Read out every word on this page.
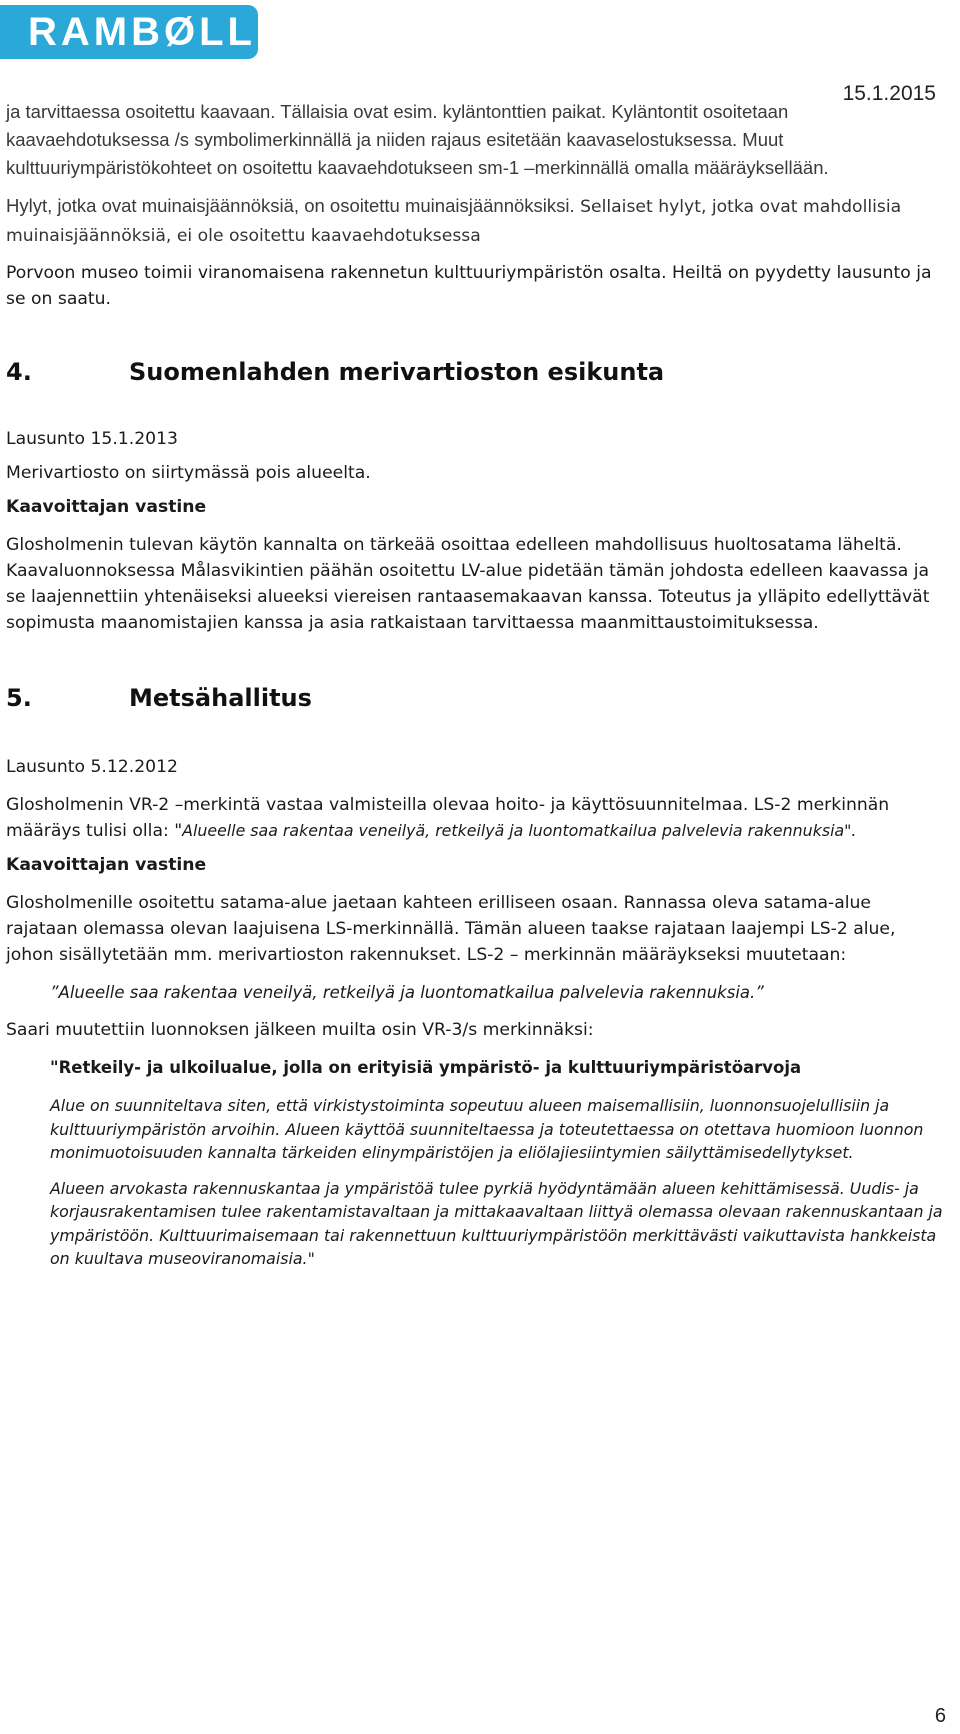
RAMBØLL
15.1.2015

ja tarvittaessa osoitettu kaavaan. Tällaisia ovat esim. kyläntonttien paikat. Kyläntontit osoitetaan kaavaehdotuksessa /s symbolimerkinnällä ja niiden rajaus esitetään kaavaselostuksessa. Muut kulttuuriympäristökohteet on osoitettu kaavaehdotukseen sm-1 –merkinnällä omalla määräyksellään.

Hylyt, jotka ovat muinaisjäännöksiä, on osoitettu muinaisjäännöksiksi. Sellaiset hylyt, jotka ovat mahdollisia muinaisjäännöksiä, ei ole osoitettu kaavaehdotuksessa

Porvoon museo toimii viranomaisena rakennetun kulttuuriympäristön osalta. Heiltä on pyydetty lausunto ja se on saatu.

4.	Suomenlahden merivartioston esikunta

Lausunto 15.1.2013

Merivartiosto on siirtymässä pois alueelta.

Kaavoittajan vastine

Glosholmenin tulevan käytön kannalta on tärkeää osoittaa edelleen mahdollisuus huoltosatama läheltä. Kaavaluonnoksessa Målasvikintien päähän osoitettu LV-alue pidetään tämän johdosta edelleen kaavassa ja se laajennettiin yhtenäiseksi alueeksi viereisen rantaasemakaavan kanssa. Toteutus ja ylläpito edellyttävät sopimusta maanomistajien kanssa ja asia ratkaistaan tarvittaessa maanmittaustoimituksessa.

5.	Metsähallitus

Lausunto 5.12.2012

Glosholmenin VR-2 –merkintä vastaa valmisteilla olevaa hoito- ja käyttösuunnitelmaa. LS-2 merkinnän määräys tulisi olla: "Alueelle saa rakentaa veneilyä, retkeilyä ja luontomatkailua palvelevia rakennuksia".

Kaavoittajan vastine

Glosholmenille osoitettu satama-alue jaetaan kahteen erilliseen osaan. Rannassa oleva satama-alue rajataan olemassa olevan laajuisena LS-merkinnällä. Tämän alueen taakse rajataan laajempi LS-2 alue, johon sisällytetään mm. merivartioston rakennukset. LS-2 – merkinnän määräykseksi muutetaan:

”Alueelle saa rakentaa veneilyä, retkeilyä ja luontomatkailua palvelevia rakennuksia.”

Saari muutettiin luonnoksen jälkeen muilta osin VR-3/s merkinnäksi:

"Retkeily- ja ulkoilualue, jolla on erityisiä ympäristö- ja kulttuuriympäristöarvoja

Alue on suunniteltava siten, että virkistystoiminta sopeutuu alueen maisemallisiin, luonnonsuojelullisiin ja kulttuuriympäristön arvoihin. Alueen käyttöä suunniteltaessa ja toteutettaessa on otettava huomioon luonnon monimuotoisuuden kannalta tärkeiden elinympäristöjen ja eliölajiesiintymien säilyttämisedellytykset.

Alueen arvokasta rakennuskantaa ja ympäristöä tulee pyrkiä hyödyntämään alueen kehittämisessä. Uudis- ja korjausrakentamisen tulee rakentamistavaltaan ja mittakaavaltaan liittyä olemassa olevaan rakennuskantaan ja ympäristöön. Kulttuurimaisemaan tai rakennettuun kulttuuriympäristöön merkittävästi vaikuttavista hankkeista on kuultava museoviranomaisia."

6
